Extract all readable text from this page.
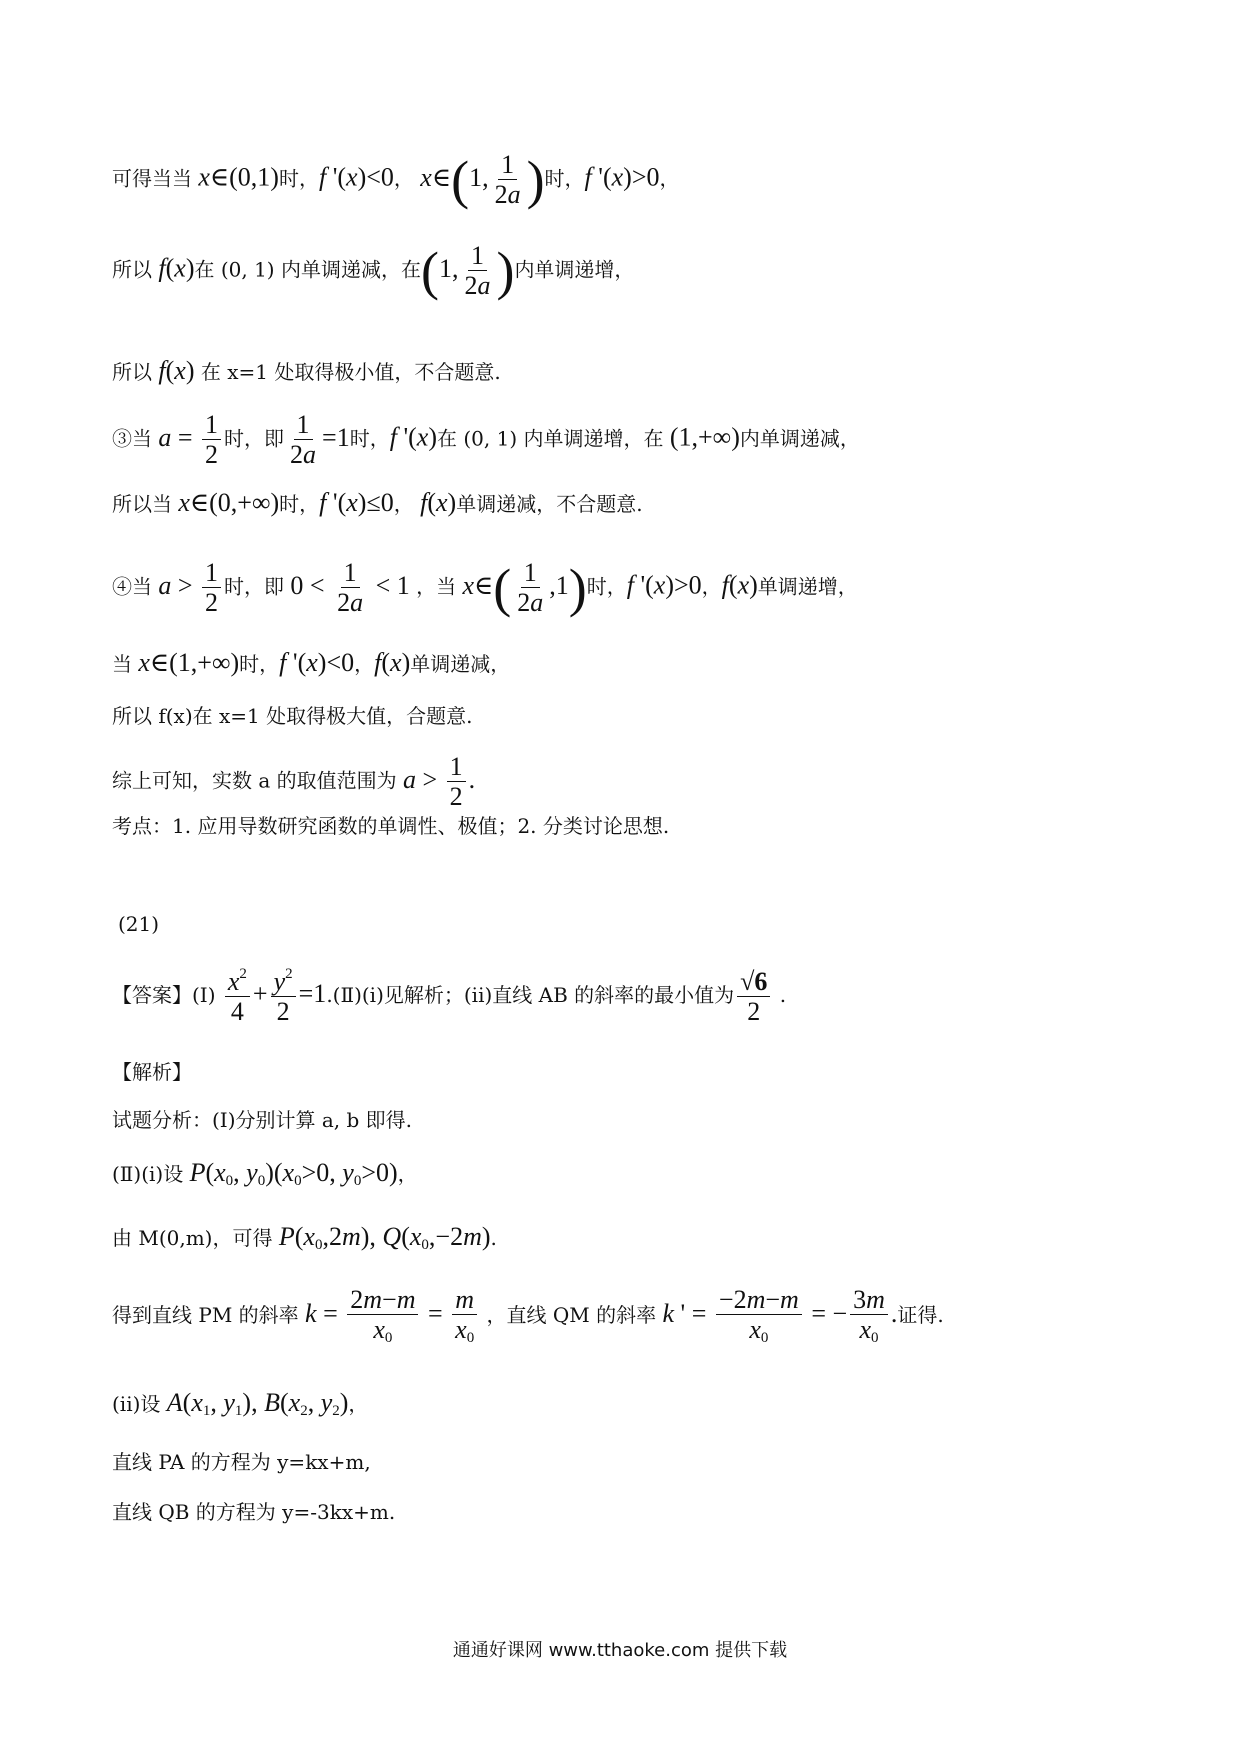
可得当当 x∈(0,1)时，f '(x)<0， x∈(1, $\frac{1}{2a}$ )时，f '(x)>0，
所以 f(x)在 (0, 1) 内单调递减，在(1, $\frac{1}{2a}$ )内单调递增，
所以 f(x) 在 x=1 处取得极小值，不合题意.
③当 $a = \frac{1}{2}$ 时，即 $\frac{1}{2a} =1$时，f '(x)在 (0, 1) 内单调递增，在 (1,+∞)内单调递减，
所以当 x∈(0,+∞)时，f '(x)≤0， f(x)单调递减，不合题意.
④当 $a > \frac{1}{2}$ 时，即 $0 < \frac{1}{2a} < 1$ ，当 x∈( $\frac{1}{2a} ,1$)时，f '(x)>0，f(x)单调递增，
当 x∈(1,+∞)时，f '(x)<0，f(x)单调递减，
所以 f(x)在 x=1 处取得极大值，合题意.
综上可知，实数 a 的取值范围为 $a > \frac{1}{2}$ .
考点：1. 应用导数研究函数的单调性、极值；2. 分类讨论思想.
(21)
【答案】(Ⅰ) $\frac{x^2}{4} + \frac{y^2}{2}$ =1.(Ⅱ)(i)见解析；(ii)直线 AB 的斜率的最小值为 $\frac{√6}{2}$ .
【解析】
试题分析：(Ⅰ)分别计算 a, b 即得.
(Ⅱ)(i)设 $P(x_0$, $y_0)(x_0>0$, $y_0>0$)，
由 M(0,m)，可得 $P(x_0,2m)$, $Q(x_0,-2m)$.
得到直线 PM 的斜率 $k = \frac{2m-m}{x_0} = \frac{m}{x_0}$ ，直线 QM 的斜率 k ' = $\frac{-2m-m}{x_0}$ = − $\frac{3m}{x_0}$ .证得.
(ii)设 $A(x_1$, $y_1$), $B(x_2$, $y_2$)，
直线 PA 的方程为 y=kx+m,
直线 QB 的方程为 y=-3kx+m.
通通好课网 www.tthaoke.com 提供下载
